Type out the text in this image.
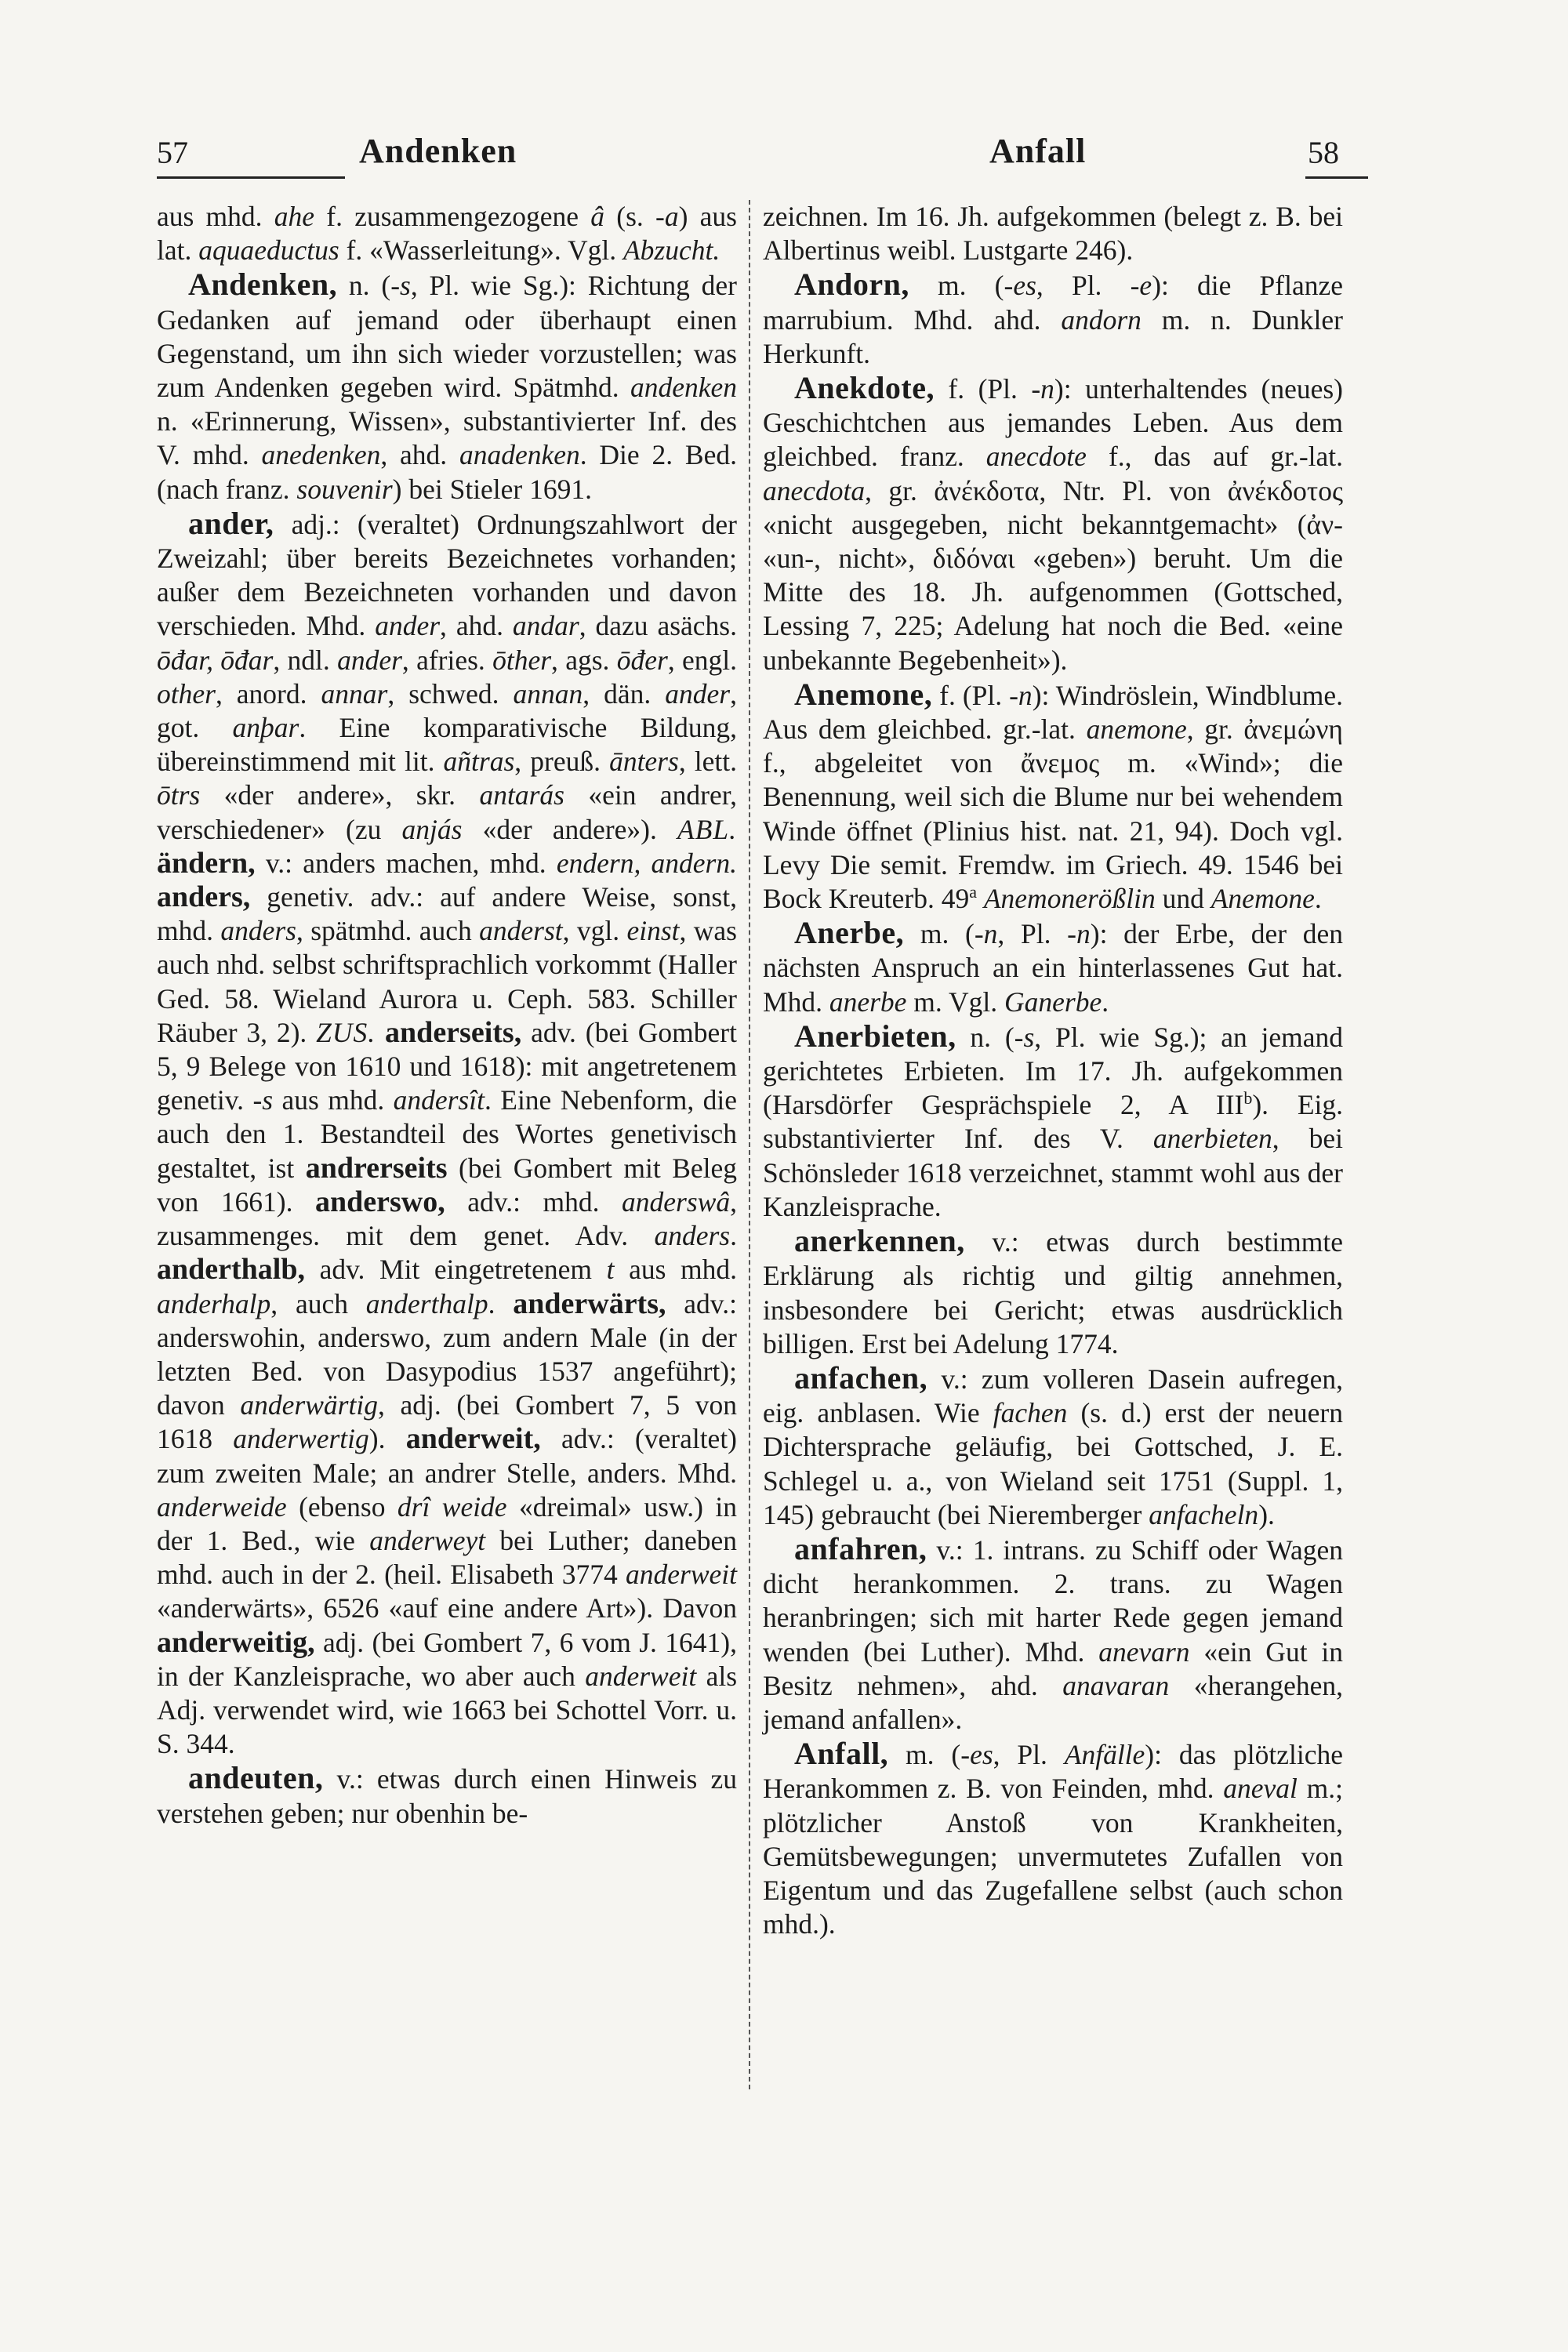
57	Andenken	Anfall	58

aus mhd. ahe f. zusammengezogene â (s. -a) aus lat. aquaeductus f. «Wasserleitung». Vgl. Abzucht.

Andenken, n. (-s, Pl. wie Sg.): Richtung der Gedanken auf jemand oder überhaupt einen Gegenstand, um ihn sich wieder vorzustellen; was zum Andenken gegeben wird. Spätmhd. andenken n. «Erinnerung, Wissen», substantivierter Inf. des V. mhd. anedenken, ahd. anadenken. Die 2. Bed. (nach franz. souvenir) bei Stieler 1691.

ander, adj.: (veraltet) Ordnungszahlwort der Zweizahl; über bereits Bezeichnetes vorhanden; außer dem Bezeichneten vorhanden und davon verschieden. Mhd. ander, ahd. andar, dazu asächs. ōđar, ōđar, ndl. ander, afries. ōther, ags. ōđer, engl. other, anord. annar, schwed. annan, dän. ander, got. anþar. Eine komparativische Bildung, übereinstimmend mit lit. añtras, preuß. ānters, lett. ōtrs «der andere», skr. antarás «ein andrer, verschiedener» (zu anjás «der andere»). ABL. ändern, v.: anders machen, mhd. endern, andern. anders, genetiv. adv.: auf andere Weise, sonst, mhd. anders, spätmhd. auch anderst, vgl. einst, was auch nhd. selbst schriftsprachlich vorkommt (Haller Ged. 58. Wieland Aurora u. Ceph. 583. Schiller Räuber 3, 2). ZUS. anderseits, adv. (bei Gombert 5, 9 Belege von 1610 und 1618): mit angetretenem genetiv. -s aus mhd. andersît. Eine Nebenform, die auch den 1. Bestandteil des Wortes genetivisch gestaltet, ist andrerseits (bei Gombert mit Beleg von 1661). anderswo, adv.: mhd. anderswâ, zusammenges. mit dem genet. Adv. anders. anderthalb, adv. Mit eingetretenem t aus mhd. anderhalp, auch anderthalp. anderwärts, adv.: anderswohin, anderswo, zum andern Male (in der letzten Bed. von Dasypodius 1537 angeführt); davon anderwärtig, adj. (bei Gombert 7, 5 von 1618 anderwertig). anderweit, adv.: (veraltet) zum zweiten Male; an andrer Stelle, anders. Mhd. anderweide (ebenso drî weide «dreimal» usw.) in der 1. Bed., wie anderweyt bei Luther; daneben mhd. auch in der 2. (heil. Elisabeth 3774 anderweit «anderwärts», 6526 «auf eine andere Art»). Davon anderweitig, adj. (bei Gombert 7, 6 vom J. 1641), in der Kanzleisprache, wo aber auch anderweit als Adj. verwendet wird, wie 1663 bei Schottel Vorr. u. S. 344.

andeuten, v.: etwas durch einen Hinweis zu verstehen geben; nur obenhin be-

zeichnen. Im 16. Jh. aufgekommen (belegt z. B. bei Albertinus weibl. Lustgarte 246).

Andorn, m. (-es, Pl. -e): die Pflanze marrubium. Mhd. ahd. andorn m. n. Dunkler Herkunft.

Anekdote, f. (Pl. -n): unterhaltendes (neues) Geschichtchen aus jemandes Leben. Aus dem gleichbed. franz. anecdote f., das auf gr.-lat. anecdota, gr. ἀνέκδοτα, Ntr. Pl. von ἀνέκδοτος «nicht ausgegeben, nicht bekanntgemacht» (ἀν- «un-, nicht», διδόναι «geben») beruht. Um die Mitte des 18. Jh. aufgenommen (Gottsched, Lessing 7, 225; Adelung hat noch die Bed. «eine unbekannte Begebenheit»).

Anemone, f. (Pl. -n): Windröslein, Windblume. Aus dem gleichbed. gr.-lat. anemone, gr. ἀνεμώνη f., abgeleitet von ἄνεμος m. «Wind»; die Benennung, weil sich die Blume nur bei wehendem Winde öffnet (Plinius hist. nat. 21, 94). Doch vgl. Levy Die semit. Fremdw. im Griech. 49. 1546 bei Bock Kreuterb. 49$^a$ Anemonerößlin und Anemone.

Anerbe, m. (-n, Pl. -n): der Erbe, der den nächsten Anspruch an ein hinterlassenes Gut hat. Mhd. anerbe m. Vgl. Ganerbe.

Anerbieten, n. (-s, Pl. wie Sg.); an jemand gerichtetes Erbieten. Im 17. Jh. aufgekommen (Harsdörfer Gesprächspiele 2, A III$^b$). Eig. substantivierter Inf. des V. anerbieten, bei Schönsleder 1618 verzeichnet, stammt wohl aus der Kanzleisprache.

anerkennen, v.: etwas durch bestimmte Erklärung als richtig und giltig annehmen, insbesondere bei Gericht; etwas ausdrücklich billigen. Erst bei Adelung 1774.

anfachen, v.: zum volleren Dasein aufregen, eig. anblasen. Wie fachen (s. d.) erst der neuern Dichtersprache geläufig, bei Gottsched, J. E. Schlegel u. a., von Wieland seit 1751 (Suppl. 1, 145) gebraucht (bei Nieremberger anfacheln).

anfahren, v.: 1. intrans. zu Schiff oder Wagen dicht herankommen. 2. trans. zu Wagen heranbringen; sich mit harter Rede gegen jemand wenden (bei Luther). Mhd. anevarn «ein Gut in Besitz nehmen», ahd. anavaran «herangehen, jemand anfallen».

Anfall, m. (-es, Pl. Anfälle): das plötzliche Herankommen z. B. von Feinden, mhd. aneval m.; plötzlicher Anstoß von Krankheiten, Gemütsbewegungen; unvermutetes Zufallen von Eigentum und das Zugefallene selbst (auch schon mhd.).
